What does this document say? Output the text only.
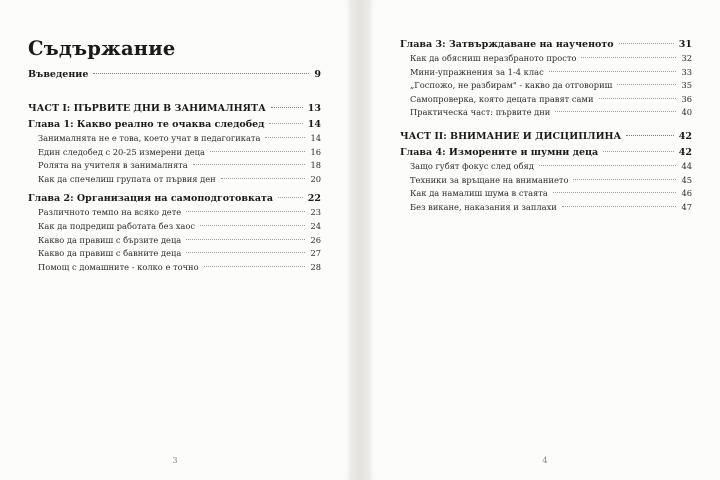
Съдържание
Въведение	9
ЧАСТ I: ПЪРВИТЕ ДНИ В ЗАНИМАЛНЯТА	13
Глава 1: Какво реално те очаква следобед	14
Занималнята не е това, което учат в педагогиката	14
Един следобед с 20-25 измерени деца	16
Ролята на учителя в занималнята	18
Как да спечелиш групата от първия ден	20
Глава 2: Организация на самоподготовката	22
Различното темпо на всяко дете	23
Как да подредиш работата без хаос	24
Какво да правиш с бързите деца	26
Какво да правиш с бавните деца	27
Помощ с домашните - колко е точно	28
3
Глава 3: Затвърждаване на наученото	31
Как да обясниш неразбраното просто	32
Мини-упражнения за 1-4 клас	33
„Госпожо, не разбирам" - какво да отговориш	35
Самопроверка, която децата правят сами	36
Практическа част: първите дни	40
ЧАСТ II: ВНИМАНИЕ И ДИСЦИПЛИНА	42
Глава 4: Изморените и шумни деца	42
Защо губят фокус след обяд	44
Техники за връщане на вниманието	45
Как да намалиш шума в стаята	46
Без викане, наказания и заплахи	47
4
